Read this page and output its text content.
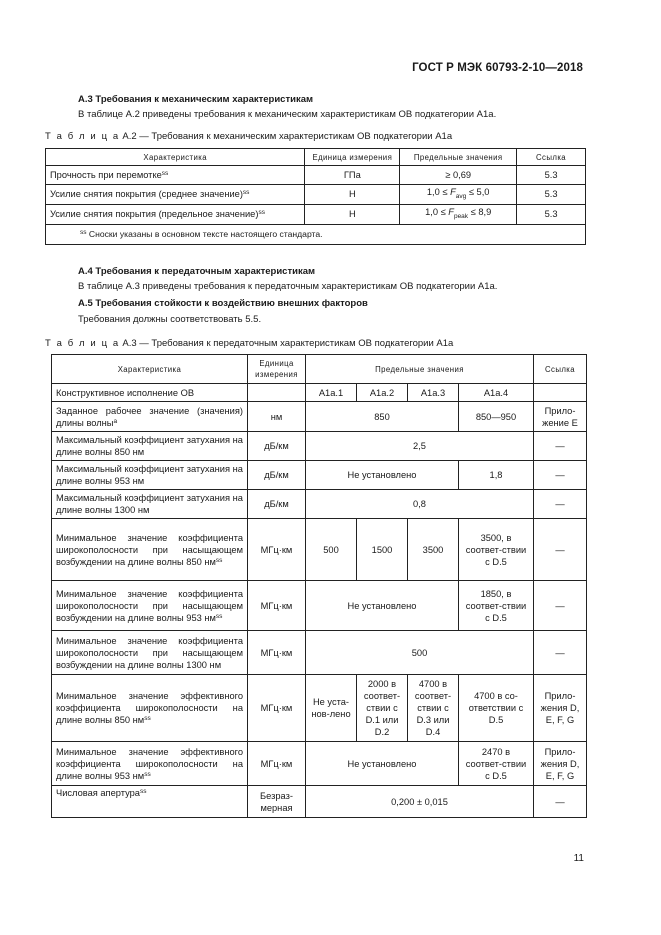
ГОСТ Р МЭК 60793-2-10—2018
А.3 Требования к механическим характеристикам
В таблице А.2 приведены требования к механическим характеристикам ОВ подкатегории А1а.
Т а б л и ц а А.2 — Требования к механическим характеристикам ОВ подкатегории А1а
Характеристика	Единица измерения	Предельные значения	Ссылка
Прочность при перемотке$^{ss}$	ГПа	≥ 0,69	5.3
Усилие снятия покрытия (среднее значение)$^{ss}$	Н	$1,0 \le F_{avg} \le 5,0$	5.3
Усилие снятия покрытия (предельное значение)$^{ss}$	Н	$1,0 \le F_{peak} \le 8,9$	5.3
$^{ss}$ Сноски указаны в основном тексте настоящего стандарта.			
А.4 Требования к передаточным характеристикам
В таблице А.3 приведены требования к передаточным характеристикам ОВ подкатегории А1а.
А.5 Требования стойкости к воздействию внешних факторов
Требования должны соответствовать 5.5.
Т а б л и ц а А.3 — Требования к передаточным характеристикам ОВ подкатегории А1а
Характеристика	Единица измерения	Предельные значения				Ссылка
Конструктивное исполнение ОВ		А1а.1	А1а.2	А1а.3	А1а.4	
Заданное рабочее значение (значения) длины волны$^a$	нм	850			850—950	Прило-жение Е
Максимальный коэффициент затухания на длине волны 850 нм	дБ/км	2,5				—
Максимальный коэффициент затухания на длине волны 953 нм	дБ/км	Не установлено			1,8	—
Максимальный коэффициент затухания на длине волны 1300 нм	дБ/км	0,8				—
Минимальное значение коэффициента широкополосности при насыщающем возбуждении на длине волны 850 $нм^{ss}$	МГц·км	500	1500	3500	3500, в соответ-ствии с D.5	—
Минимальное значение коэффициента широкополосности при насыщающем возбуждении на длине волны 953 $нм^{ss}$	МГц·км	Не установлено			1850, в соответ-ствии с D.5	—
Минимальное значение коэффициента широкополосности при насыщающем возбуждении на длине волны 1300 нм	МГц·км	500				—
Минимальное значение эффективного коэффициента широкополосности на длине волны 850 $нм^{ss}$	МГц·км	Не уста-нов-лено	2000 в соответ-ствии с D.1 или D.2	4700 в соответ-ствии с D.3 или D.4	4700 в со-ответствии с D.5	Прило-жения D, E, F, G
Минимальное значение эффективного коэффициента широкополосности на длине волны 953 $нм^{ss}$	МГц·км	Не установлено			2470 в соответ-ствии с D.5	Прило-жения D, E, F, G
Числовая апертура$^{ss}$	Безраз-мерная	0,200 ± 0,015				—
11
